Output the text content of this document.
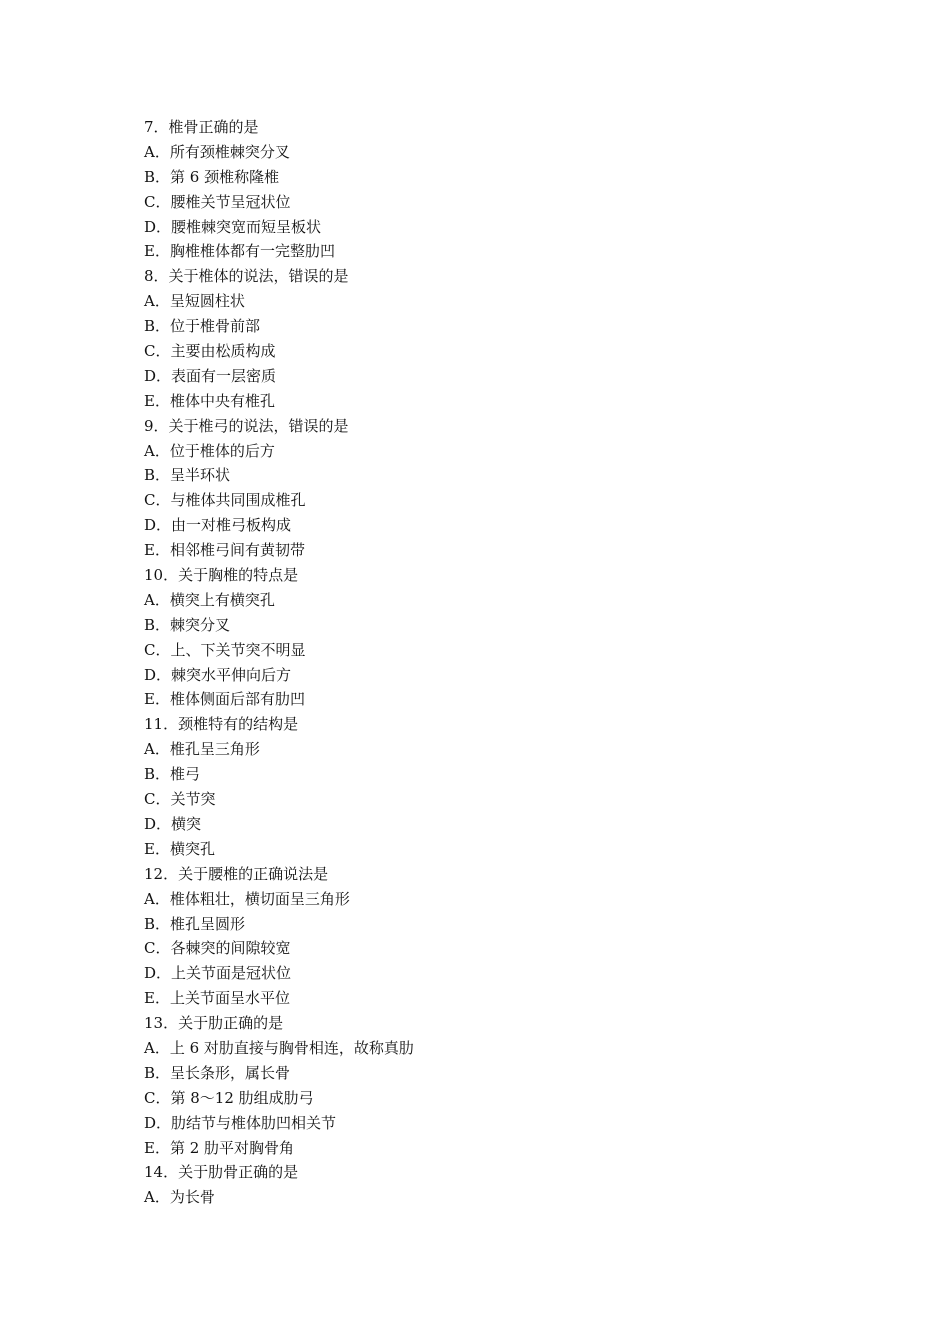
7．椎骨正确的是
A．所有颈椎棘突分叉
B．第 6 颈椎称隆椎
C．腰椎关节呈冠状位
D．腰椎棘突宽而短呈板状
E．胸椎椎体都有一完整肋凹
8．关于椎体的说法，错误的是
A．呈短圆柱状
B．位于椎骨前部
C．主要由松质构成
D．表面有一层密质
E．椎体中央有椎孔
9．关于椎弓的说法，错误的是
A．位于椎体的后方
B．呈半环状
C．与椎体共同围成椎孔
D．由一对椎弓板构成
E．相邻椎弓间有黄韧带
10．关于胸椎的特点是
A．横突上有横突孔
B．棘突分叉
C．上、下关节突不明显
D．棘突水平伸向后方
E．椎体侧面后部有肋凹
11．颈椎特有的结构是
A．椎孔呈三角形
B．椎弓
C．关节突
D．横突
E．横突孔
12．关于腰椎的正确说法是
A．椎体粗壮，横切面呈三角形
B．椎孔呈圆形
C．各棘突的间隙较宽
D．上关节面是冠状位
E．上关节面呈水平位
13．关于肋正确的是
A．上 6 对肋直接与胸骨相连，故称真肋
B．呈长条形，属长骨
C．第 8～12 肋组成肋弓
D．肋结节与椎体肋凹相关节
E．第 2 肋平对胸骨角
14．关于肋骨正确的是
A．为长骨
